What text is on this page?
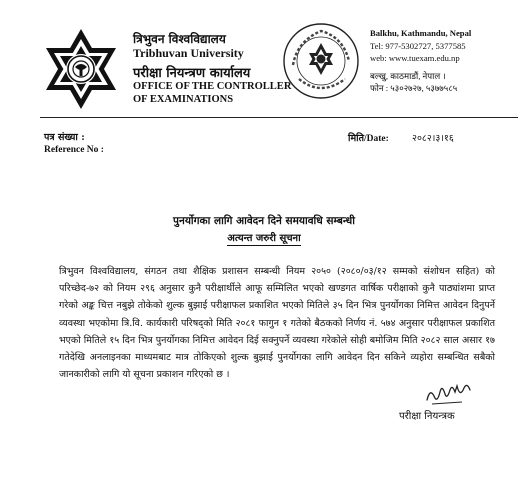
त्रिभुवन विश्वविद्यालय
Tribhuvan University
परीक्षा नियन्त्रण कार्यालय
OFFICE OF THE CONTROLLER
OF EXAMINATIONS
Balkhu, Kathmandu, Nepal
Tel: 977-5302727, 5377585
web: www.tuexam.edu.np
बल्खु, काठमाडौं, नेपाल ।
फोन : ५३०२७२७, ५३७७५८५
पत्र संख्या :
Reference No :
मिति/Date: २०८२।३।१६
पुनर्योगका लागि आवेदन दिने समयावधि सम्बन्धी
अत्यन्त जरुरी सूचना
त्रिभुवन विश्वविद्यालय, संगठन तथा शैक्षिक प्रशासन सम्बन्धी नियम २०५० (२०८०/०३/१२ सम्मको संशोधन सहित) को परिच्छेद-७२ को नियम २९६ अनुसार कुनै परीक्षार्थीले आफू सम्मिलित भएको खण्डगत वार्षिक परीक्षाको कुनै पाठ्यांशमा प्राप्त गरेको अङ्क चित्त नबुझे तोकेको शुल्क बुझाई परीक्षाफल प्रकाशित भएको मितिले ३५ दिन भित्र पुनर्योगका निमित्त आवेदन दिनुपर्ने व्यवस्था भएकोमा त्रि.वि. कार्यकारी परिषद्को मिति २०८१ फागुन १ गतेको बैठकको निर्णय नं. ५७४ अनुसार परीक्षाफल प्रकाशित भएको मितिले १५ दिन भित्र पुनर्योगका निमित्त आवेदन दिई सक्नुपर्ने व्यवस्था गरेकोले सोही बमोजिम मिति २०८२ साल असार १७ गतेदेखि अनलाइनका माध्यमबाट मात्र तोकिएको शुल्क बुझाई पुनर्योगका लागि आवेदन दिन सकिने व्यहोरा सम्बन्धित सबैको जानकारीको लागि यो सूचना प्रकाशन गरिएको छ ।
परीक्षा नियन्त्रक
